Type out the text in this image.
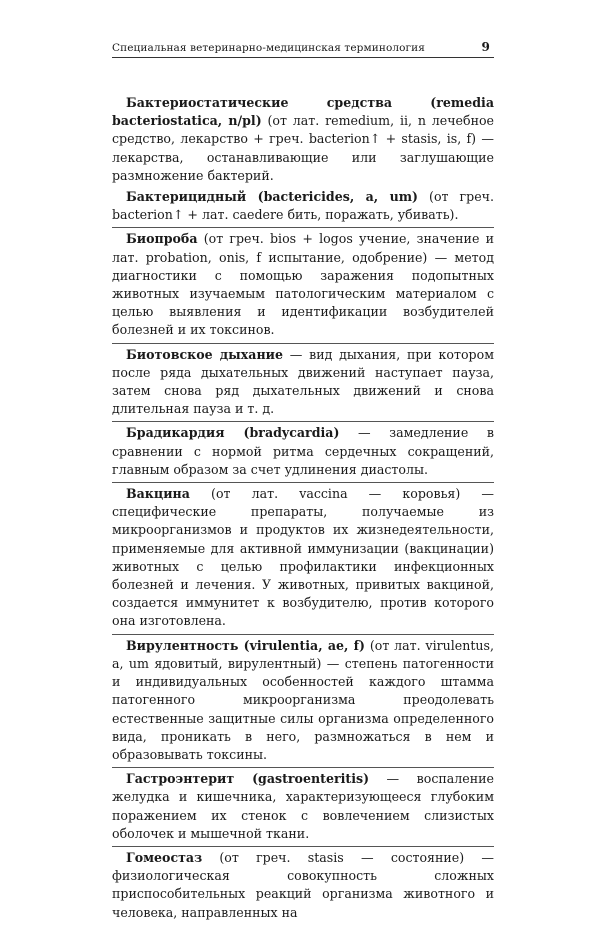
Специальная ветеринарно-медицинская терминология	9

Бактериостатические средства (remedia bacteriostatica, n/pl) (от лат. remedium, ii, n лечебное средство, лекарство + греч. bacterion↑ + stasis, is, f) — лекарства, останавливающие или заглушающие размножение бактерий.

Бактерицидный (bactericides, a, um) (от греч. bacterion↑ + лат. caedere бить, поражать, убивать).

Биопроба (от греч. bios + logos учение, значение и лат. probation, onis, f испытание, одобрение) — метод диагностики с помощью заражения подопытных животных изучаемым патологическим материалом с целью выявления и идентификации возбудителей болезней и их токсинов.

Биотовское дыхание — вид дыхания, при котором после ряда дыхательных движений наступает пауза, затем снова ряд дыхательных движений и снова длительная пауза и т. д.

Брадикардия (bradycardia) — замедление в сравнении с нормой ритма сердечных сокращений, главным образом за счет удлинения диастолы.

Вакцина (от лат. vaccina — коровья) — специфические препараты, получаемые из микроорганизмов и продуктов их жизнедеятельности, применяемые для активной иммунизации (вакцинации) животных с целью профилактики инфекционных болезней и лечения. У животных, привитых вакциной, создается иммунитет к возбудителю, против которого она изготовлена.

Вирулентность (virulentia, ae, f) (от лат. virulentus, a, um ядовитый, вирулентный) — степень патогенности и индивидуальных особенностей каждого штамма патогенного микроорганизма преодолевать естественные защитные силы организма определенного вида, проникать в него, размножаться в нем и образовывать токсины.

Гастроэнтерит (gastroenteritis) — воспаление желудка и кишечника, характеризующееся глубоким поражением их стенок с вовлечением слизистых оболочек и мышечной ткани.

Гомеостаз (от греч. stasis — состояние) — физиологическая совокупность сложных приспособительных реакций организма животного и человека, направленных на
